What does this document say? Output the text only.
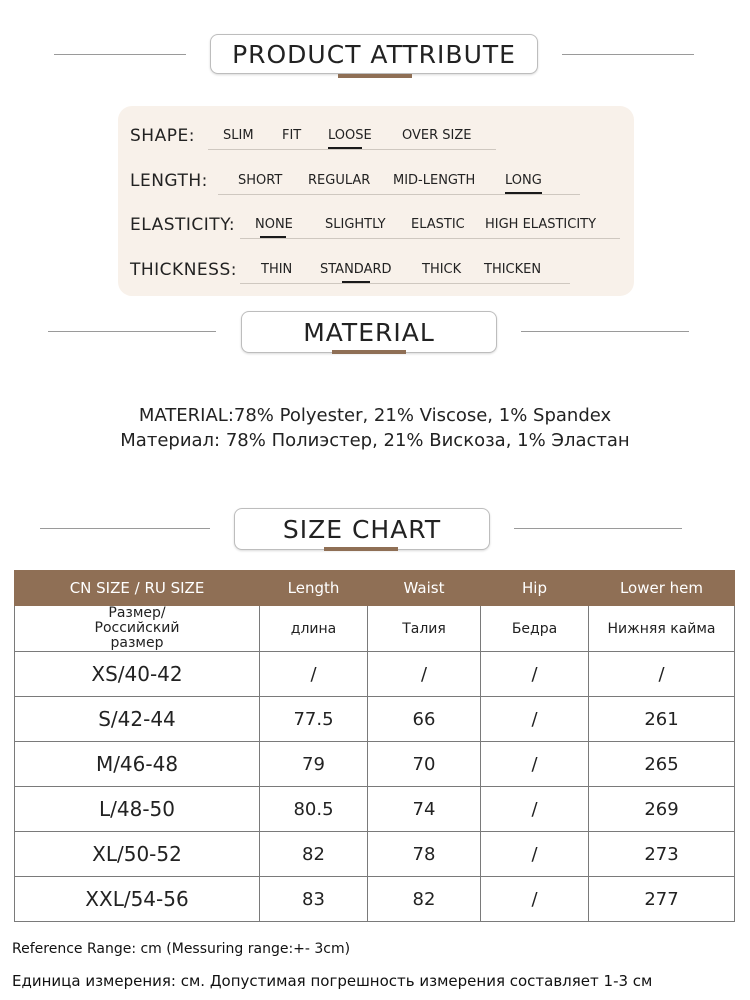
PRODUCT ATTRIBUTE
SHAPE: SLIM FIT LOOSE OVER SIZE
LENGTH: SHORT REGULAR MID-LENGTH LONG
ELASTICITY: NONE SLIGHTLY ELASTIC HIGH ELASTICITY
THICKNESS: THIN STANDARD THICK THICKEN
MATERIAL
MATERIAL:78% Polyester, 21% Viscose, 1% Spandex
Материал: 78% Полиэстер, 21% Вискоза, 1% Эластан
SIZE CHART
CN SIZE / RU SIZE	Length	Waist	Hip	Lower hem
Размер/Российский размер	длина	Талия	Бедра	Нижняя кайма
XS/40-42	/	/	/	/
S/42-44	77.5	66	/	261
M/46-48	79	70	/	265
L/48-50	80.5	74	/	269
XL/50-52	82	78	/	273
XXL/54-56	83	82	/	277
Reference Range: cm (Messuring range:+- 3cm)
Единица измерения: см. Допустимая погрешность измерения составляет 1-3 см
